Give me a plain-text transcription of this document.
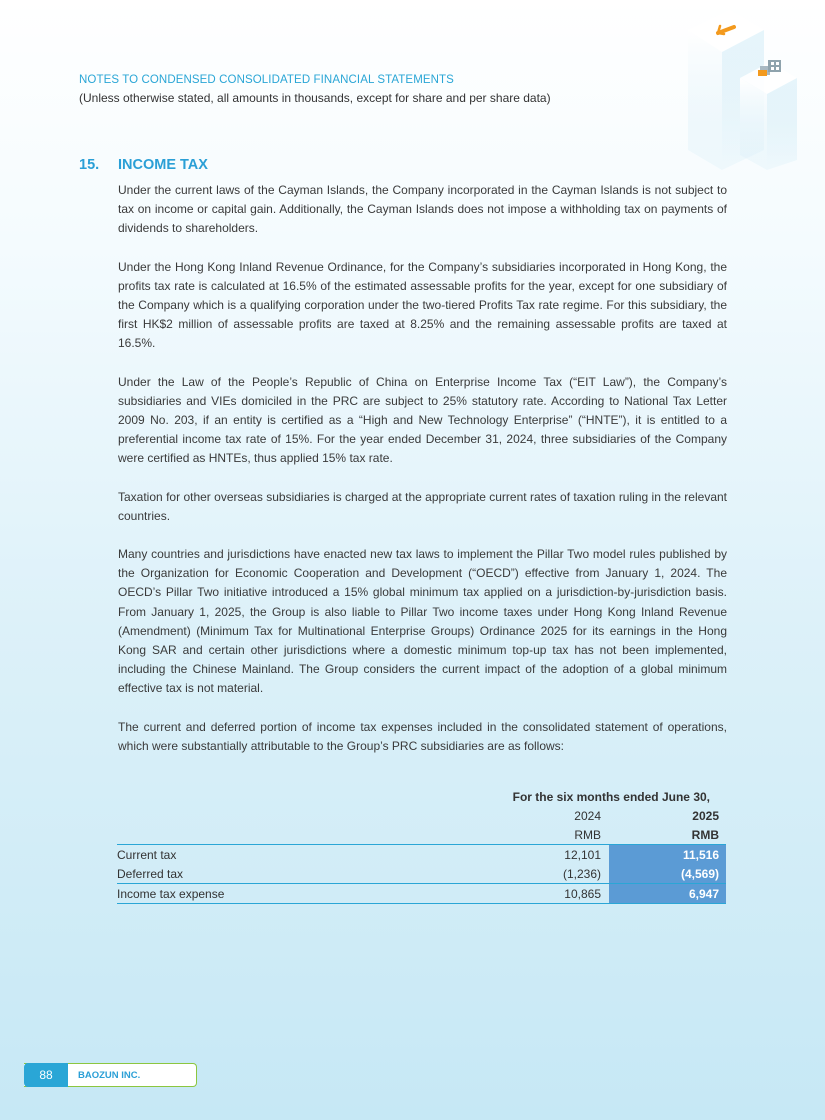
NOTES TO CONDENSED CONSOLIDATED FINANCIAL STATEMENTS
(Unless otherwise stated, all amounts in thousands, except for share and per share data)
15.	INCOME TAX

Under the current laws of the Cayman Islands, the Company incorporated in the Cayman Islands is not subject to tax on income or capital gain. Additionally, the Cayman Islands does not impose a withholding tax on payments of dividends to shareholders.

Under the Hong Kong Inland Revenue Ordinance, for the Company’s subsidiaries incorporated in Hong Kong, the profits tax rate is calculated at 16.5% of the estimated assessable profits for the year, except for one subsidiary of the Company which is a qualifying corporation under the two-tiered Profits Tax rate regime. For this subsidiary, the first HK$2 million of assessable profits are taxed at 8.25% and the remaining assessable profits are taxed at 16.5%.

Under the Law of the People’s Republic of China on Enterprise Income Tax (“EIT Law”), the Company’s subsidiaries and VIEs domiciled in the PRC are subject to 25% statutory rate. According to National Tax Letter 2009 No. 203, if an entity is certified as a “High and New Technology Enterprise” (“HNTE”), it is entitled to a preferential income tax rate of 15%. For the year ended December 31, 2024, three subsidiaries of the Company were certified as HNTEs, thus applied 15% tax rate.

Taxation for other overseas subsidiaries is charged at the appropriate current rates of taxation ruling in the relevant countries.

Many countries and jurisdictions have enacted new tax laws to implement the Pillar Two model rules published by the Organization for Economic Cooperation and Development (“OECD”) effective from January 1, 2024. The OECD’s Pillar Two initiative introduced a 15% global minimum tax applied on a jurisdiction-by-jurisdiction basis. From January 1, 2025, the Group is also liable to Pillar Two income taxes under Hong Kong Inland Revenue (Amendment) (Minimum Tax for Multinational Enterprise Groups) Ordinance 2025 for its earnings in the Hong Kong SAR and certain other jurisdictions where a domestic minimum top-up tax has not been implemented, including the Chinese Mainland. The Group considers the current impact of the adoption of a global minimum effective tax is not material.

The current and deferred portion of income tax expenses included in the consolidated statement of operations, which were substantially attributable to the Group’s PRC subsidiaries are as follows:

	For the six months ended June 30,	
	2024	2025
	RMB	RMB
Current tax	12,101	11,516
Deferred tax	(1,236)	(4,569)
Income tax expense	10,865	6,947
88	BAOZUN INC.
